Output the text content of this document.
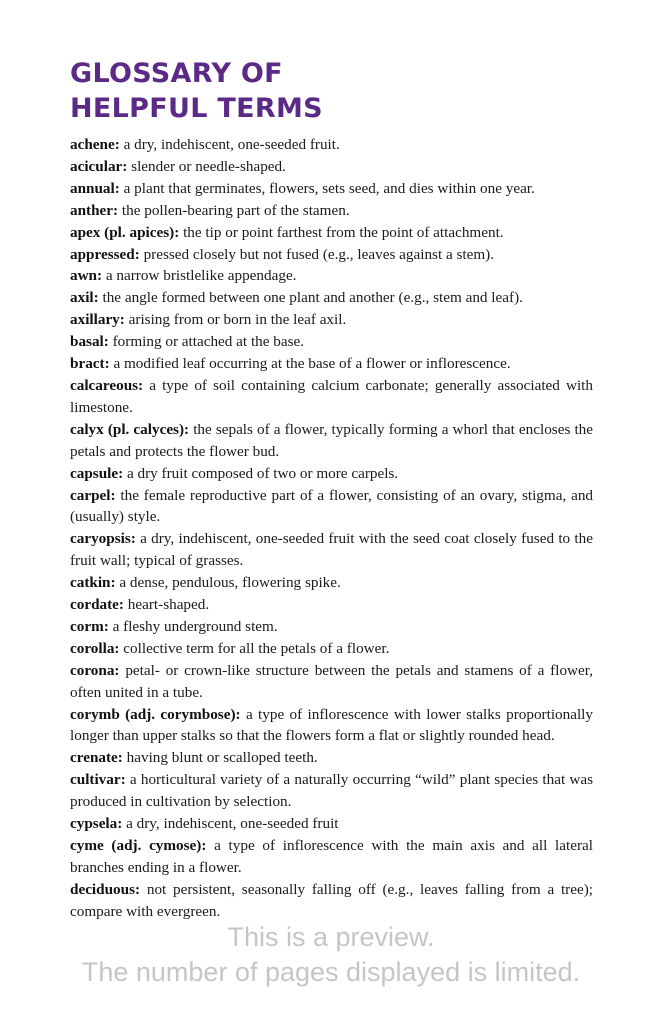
GLOSSARY OF
HELPFUL TERMS

achene: a dry, indehiscent, one-seeded fruit.

acicular: slender or needle-shaped.

annual: a plant that germinates, flowers, sets seed, and dies within one year.

anther: the pollen-bearing part of the stamen.

apex (pl. apices): the tip or point farthest from the point of attachment.

appressed: pressed closely but not fused (e.g., leaves against a stem).

awn: a narrow bristlelike appendage.

axil: the angle formed between one plant and another (e.g., stem and leaf).

axillary: arising from or born in the leaf axil.

basal: forming or attached at the base.

bract: a modified leaf occurring at the base of a flower or inflorescence.

calcareous: a type of soil containing calcium carbonate; generally associated with limestone.

calyx (pl. calyces): the sepals of a flower, typically forming a whorl that encloses the petals and protects the flower bud.

capsule: a dry fruit composed of two or more carpels.

carpel: the female reproductive part of a flower, consisting of an ovary, stigma, and (usually) style.

caryopsis: a dry, indehiscent, one-seeded fruit with the seed coat closely fused to the fruit wall; typical of grasses.

catkin: a dense, pendulous, flowering spike.

cordate: heart-shaped.

corm: a fleshy underground stem.

corolla: collective term for all the petals of a flower.

corona: petal- or crown-like structure between the petals and stamens of a flower, often united in a tube.

corymb (adj. corymbose): a type of inflorescence with lower stalks proportionally longer than upper stalks so that the flowers form a flat or slightly rounded head.

crenate: having blunt or scalloped teeth.

cultivar: a horticultural variety of a naturally occurring “wild” plant species that was produced in cultivation by selection.

cypsela: a dry, indehiscent, one-seeded fruit

cyme (adj. cymose): a type of inflorescence with the main axis and all lateral branches ending in a flower.

deciduous: not persistent, seasonally falling off (e.g., leaves falling from a tree); compare with evergreen.

This is a preview.
The number of pages displayed is limited.
